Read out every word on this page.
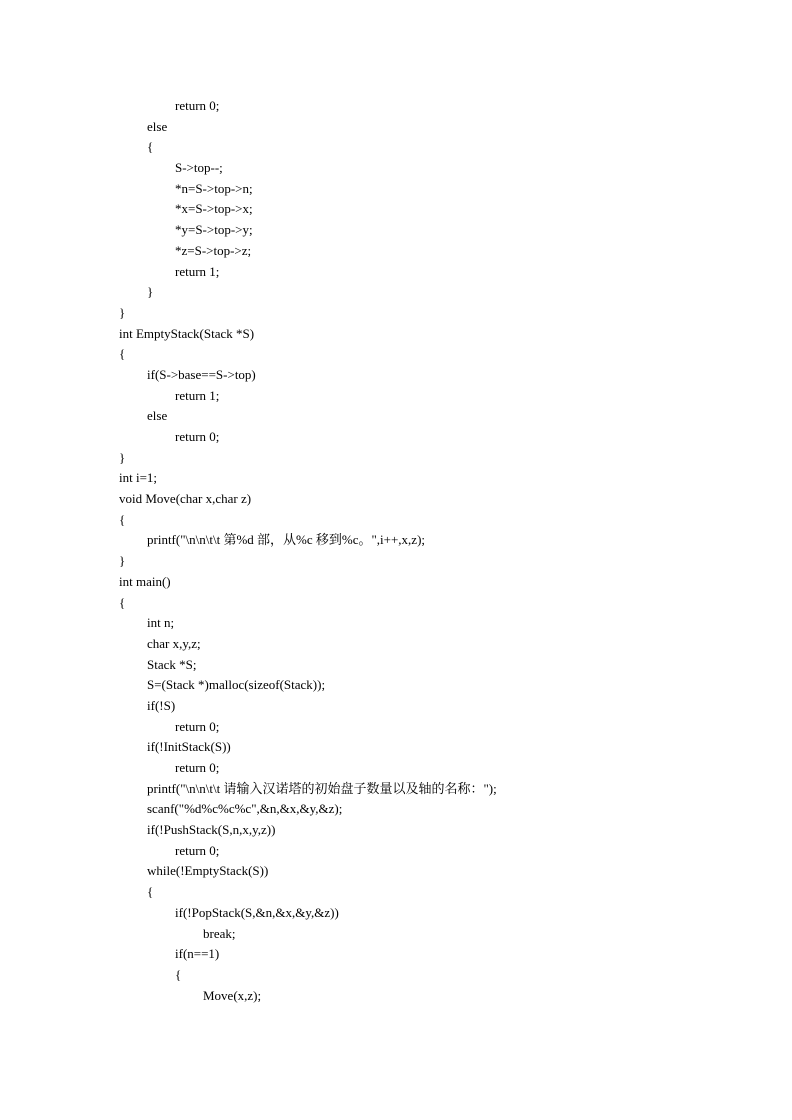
return 0;
else
{
S->top--;
*n=S->top->n;
*x=S->top->x;
*y=S->top->y;
*z=S->top->z;
return 1;
}
}
int EmptyStack(Stack *S)
{
if(S->base==S->top)
return 1;
else
return 0;
}
int i=1;
void Move(char x,char z)
{
printf("\n\n\t\t 第%d 部，从%c 移到%c。",i++,x,z);
}
int main()
{
int n;
char x,y,z;
Stack *S;
S=(Stack *)malloc(sizeof(Stack));
if(!S)
return 0;
if(!InitStack(S))
return 0;
printf("\n\n\t\t 请输入汉诺塔的初始盘子数量以及轴的名称：");
scanf("%d%c%c%c",&n,&x,&y,&z);
if(!PushStack(S,n,x,y,z))
return 0;
while(!EmptyStack(S))
{
if(!PopStack(S,&n,&x,&y,&z))
break;
if(n==1)
{
Move(x,z);
